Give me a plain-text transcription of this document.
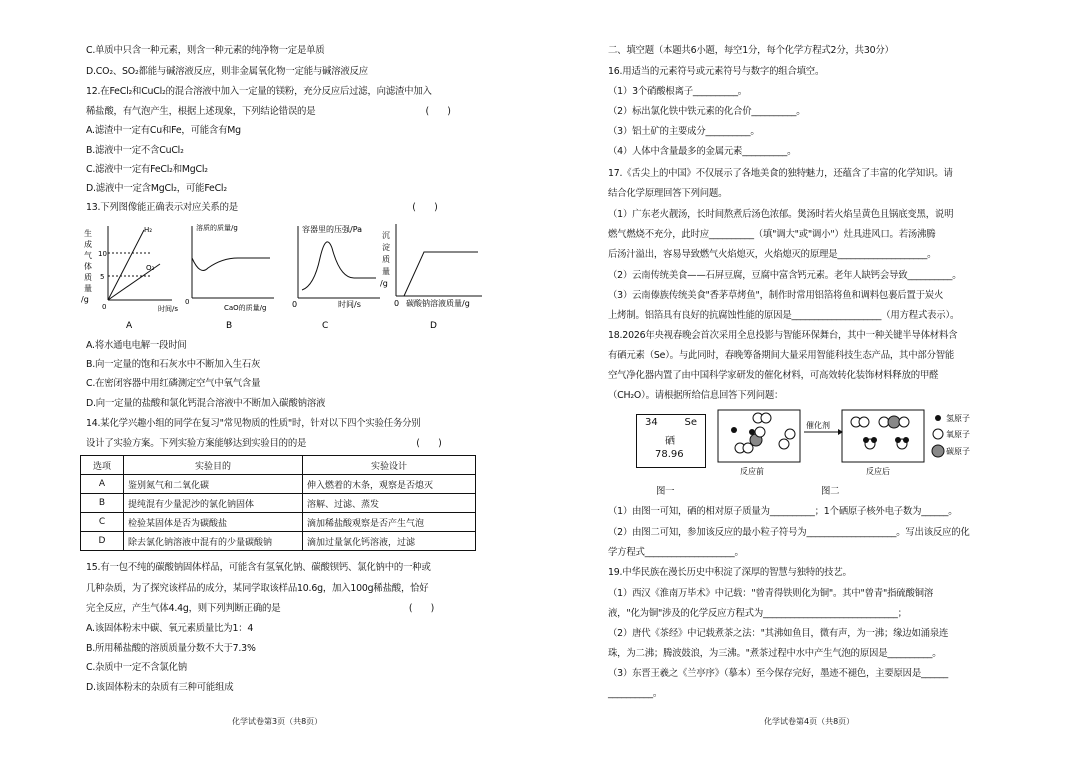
C.单质中只含一种元素，则含一种元素的纯净物一定是单质
D.CO₂、SO₂都能与碱溶液反应，则非金属氧化物一定能与碱溶液反应
12.在FeCl₂和CuCl₂的混合溶液中加入一定量的镁粉，充分反应后过滤，向滤渣中加入
稀盐酸，有气泡产生，根据上述现象，下列结论错误的是　　　　　　　　　　　　(　　)
A.滤渣中一定有Cu和Fe，可能含有Mg
B.滤液中一定不含CuCl₂
C.滤液中一定有FeCl₂和MgCl₂
D.滤液中一定含MgCl₂，可能FeCl₂
13.下列图像能正确表示对应关系的是　　　　　　　　　　　　　　　　　　　(　　)
生
成
气
体
质
量
/g
10
5
0
H₂
O₂
时间/s
A
溶质的质量/g
0
CaO的质量/g
B
容器里的压强/Pa
0	时间/s
C
沉
淀
质
量
/g
0 碳酸钠溶液质量/g
D
A.将水通电电解一段时间
B.向一定量的饱和石灰水中不断加入生石灰
C.在密闭容器中用红磷测定空气中氧气含量
D.向一定量的盐酸和氯化钙混合溶液中不断加入碳酸钠溶液
14.某化学兴趣小组的同学在复习"常见物质的性质"时，针对以下四个实验任务分别
设计了实验方案。下列实验方案能够达到实验目的的是　　　　　　　　　　　　(　　)
选项	实验目的	实验设计
A	鉴别氮气和二氧化碳	伸入燃着的木条，观察是否熄灭
B	提纯混有少量泥沙的氯化钠固体	溶解、过滤、蒸发
C	检验某固体是否为碳酸盐	滴加稀盐酸观察是否产生气泡
D	除去氯化钠溶液中混有的少量碳酸钠	滴加过量氯化钙溶液，过滤
15.有一包不纯的碳酸钠固体样品，可能含有氢氧化钠、碳酸钡钙、氯化钠中的一种或
几种杂质，为了探究该样品的成分，某同学取该样品10.6g，加入100g稀盐酸，恰好
完全反应，产生气体4.4g，则下列判断正确的是　　　　　　　　　　　　　　(　　)
A.该固体粉末中碳、氧元素质量比为1：4
B.所用稀盐酸的溶质质量分数不大于7.3%
C.杂质中一定不含氯化钠
D.该固体粉末的杂质有三种可能组成
化学试卷第3页（共8页）
二、填空题（本题共6小题，每空1分，每个化学方程式2分，共30分）
16.用适当的元素符号或元素符号与数字的组合填空。
（1）3个硝酸根离子__________。
（2）标出氯化铁中铁元素的化合价__________。
（3）铝土矿的主要成分__________。
（4）人体中含量最多的金属元素__________。
17.《舌尖上的中国》不仅展示了各地美食的独特魅力，还蕴含了丰富的化学知识。请
结合化学原理回答下列问题。
（1）广东老火靓汤，长时间熬煮后汤色浓郁。煲汤时若火焰呈黄色且锅底变黑，说明
燃气燃烧不充分，此时应__________（填"调大"或"调小"）灶具进风口。若汤沸腾
后汤汁溢出，容易导致燃气火焰熄灭，火焰熄灭的原理是____________________。
（2）云南传统美食——石屏豆腐，豆腐中富含钙元素。老年人缺钙会导致__________。
（3）云南傣族传统美食"香茅草烤鱼"，制作时常用铝箔将鱼和调料包裹后置于炭火
上烤制。铝箔具有良好的抗腐蚀性能的原因是____________________（用方程式表示）。
18.2026年央视春晚会首次采用全息投影与智能环保舞台，其中一种关键半导体材料含
有硒元素（Se）。与此同时，春晚筹备期间大量采用智能科技生态产品，其中部分智能
空气净化器内置了由中国科学家研发的催化材料，可高效转化装饰材料释放的甲醛
（CH₂O）。请根据所给信息回答下列问题：
34	Se
硒
78.96
图一
催化剂
反应前	反应后
氢原子
氧原子
碳原子
图二
（1）由图一可知，硒的相对原子质量为__________；1个硒原子核外电子数为______。
（2）由图二可知，参加该反应的最小粒子符号为____________________。写出该反应的化
学方程式____________________。
19.中华民族在漫长历史中积淀了深厚的智慧与独特的技艺。
（1）西汉《淮南万毕术》中记载："曾青得铁则化为铜"。其中"曾青"指硫酸铜溶
液，"化为铜"涉及的化学反应方程式为______________________________；
（2）唐代《茶经》中记载煮茶之法："其沸如鱼目，微有声，为一沸；缘边如涌泉连
珠，为二沸；腾波鼓浪，为三沸。"煮茶过程中水中产生气泡的原因是__________。
（3）东晋王羲之《兰亭序》（摹本）至今保存完好，墨迹不褪色，主要原因是______
__________。
化学试卷第4页（共8页）
